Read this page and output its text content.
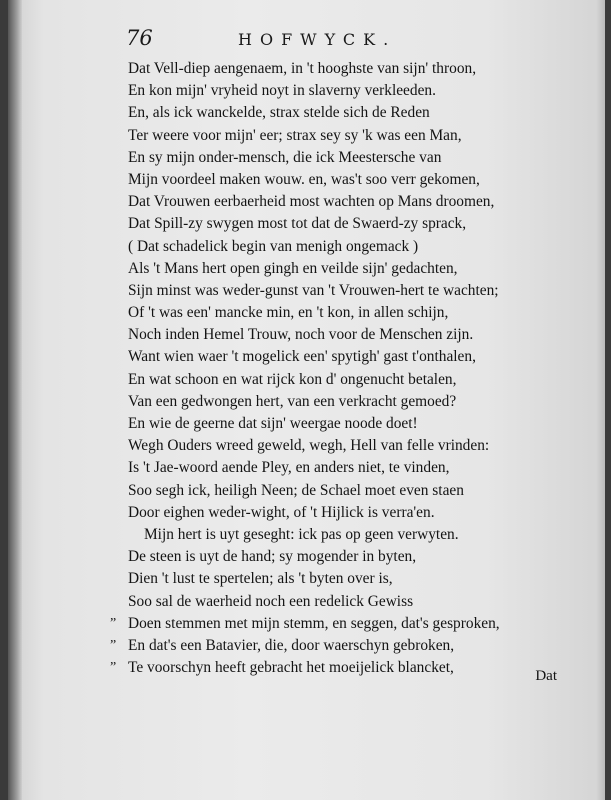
76	HOFWYCK.
Dat Vell-diep aengenaem, in 't hooghste van sijn' throon,
En kon mijn' vryheid noyt in slaverny verkleeden.
En, als ick wanckelde, strax stelde sich de Reden
Ter weere voor mijn' eer; strax sey sy 'k was een Man,
En sy mijn onder-mensch, die ick Meestersche van
Mijn voordeel maken wouw. en, was't soo verr gekomen,
Dat Vrouwen eerbaerheid most wachten op Mans droomen,
Dat Spill-zy swygen most tot dat de Swaerd-zy sprack,
( Dat schadelick begin van menigh ongemack )
Als 't Mans hert open gingh en veilde sijn' gedachten,
Sijn minst was weder-gunst van 't Vrouwen-hert te wachten;
Of 't was een' mancke min, en 't kon, in allen schijn,
Noch inden Hemel Trouw, noch voor de Menschen zijn.
Want wien waer 't mogelick een' spytigh' gast t'onthalen,
En wat schoon en wat rijck kon d' ongenucht betalen,
Van een gedwongen hert, van een verkracht gemoed?
En wie de geerne dat sijn' weergae noode doet!
Wegh Ouders wreed geweld, wegh, Hell van felle vrinden:
Is 't Jae-woord aende Pley, en anders niet, te vinden,
Soo segh ick, heiligh Neen; de Schael moet even staen
Door eighen weder-wight, of 't Hijlick is verra'en.
Mijn hert is uyt geseght: ick pas op geen verwyten.
De steen is uyt de hand; sy mogender in byten,
Dien 't lust te spertelen; als 't byten over is,
Soo sal de waerheid noch een redelick Gewiss
” Doen stemmen met mijn stemm, en seggen, dat's gesproken,
” En dat's een Batavier, die, door waerschyn gebroken,
” Te voorschyn heeft gebracht het moeijelick blancket,	Dat
